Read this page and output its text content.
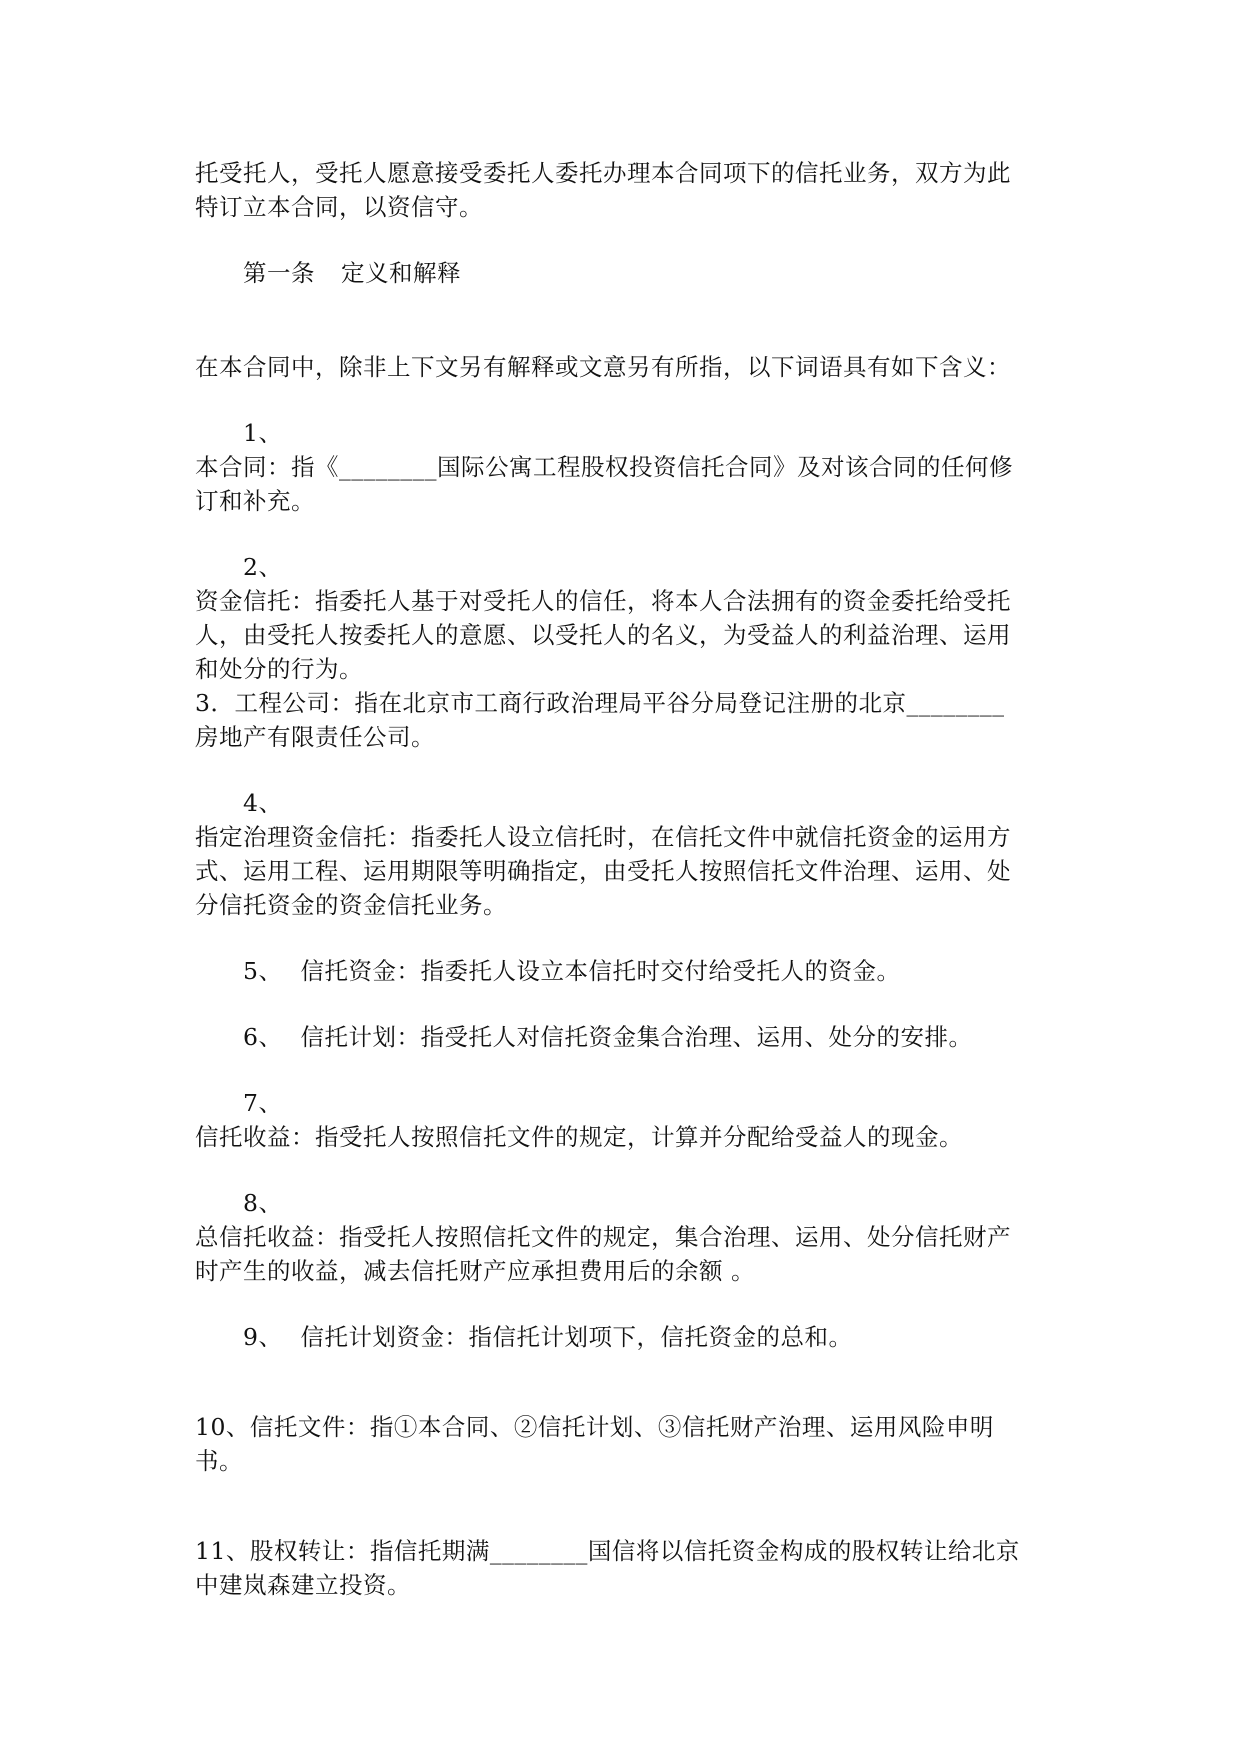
托受托人，受托人愿意接受委托人委托办理本合同项下的信托业务，双方为此
特订立本合同，以资信守。
第一条 定义和解释
在本合同中，除非上下文另有解释或文意另有所指，以下词语具有如下含义：
1、
本合同：指《________国际公寓工程股权投资信托合同》及对该合同的任何修
订和补充。
2、
资金信托：指委托人基于对受托人的信任，将本人合法拥有的资金委托给受托
人，由受托人按委托人的意愿、以受托人的名义，为受益人的利益治理、运用
和处分的行为。
3．工程公司：指在北京市工商行政治理局平谷分局登记注册的北京________
房地产有限责任公司。
4、
指定治理资金信托：指委托人设立信托时，在信托文件中就信托资金的运用方
式、运用工程、运用期限等明确指定，由受托人按照信托文件治理、运用、处
分信托资金的资金信托业务。
5、 信托资金：指委托人设立本信托时交付给受托人的资金。
6、 信托计划：指受托人对信托资金集合治理、运用、处分的安排。
7、
信托收益：指受托人按照信托文件的规定，计算并分配给受益人的现金。
8、
总信托收益：指受托人按照信托文件的规定，集合治理、运用、处分信托财产
时产生的收益，减去信托财产应承担费用后的余额 。
9、 信托计划资金：指信托计划项下，信托资金的总和。
10、信托文件：指①本合同、②信托计划、③信托财产治理、运用风险申明
书。
11、股权转让：指信托期满________国信将以信托资金构成的股权转让给北京
中建岚森建立投资。
